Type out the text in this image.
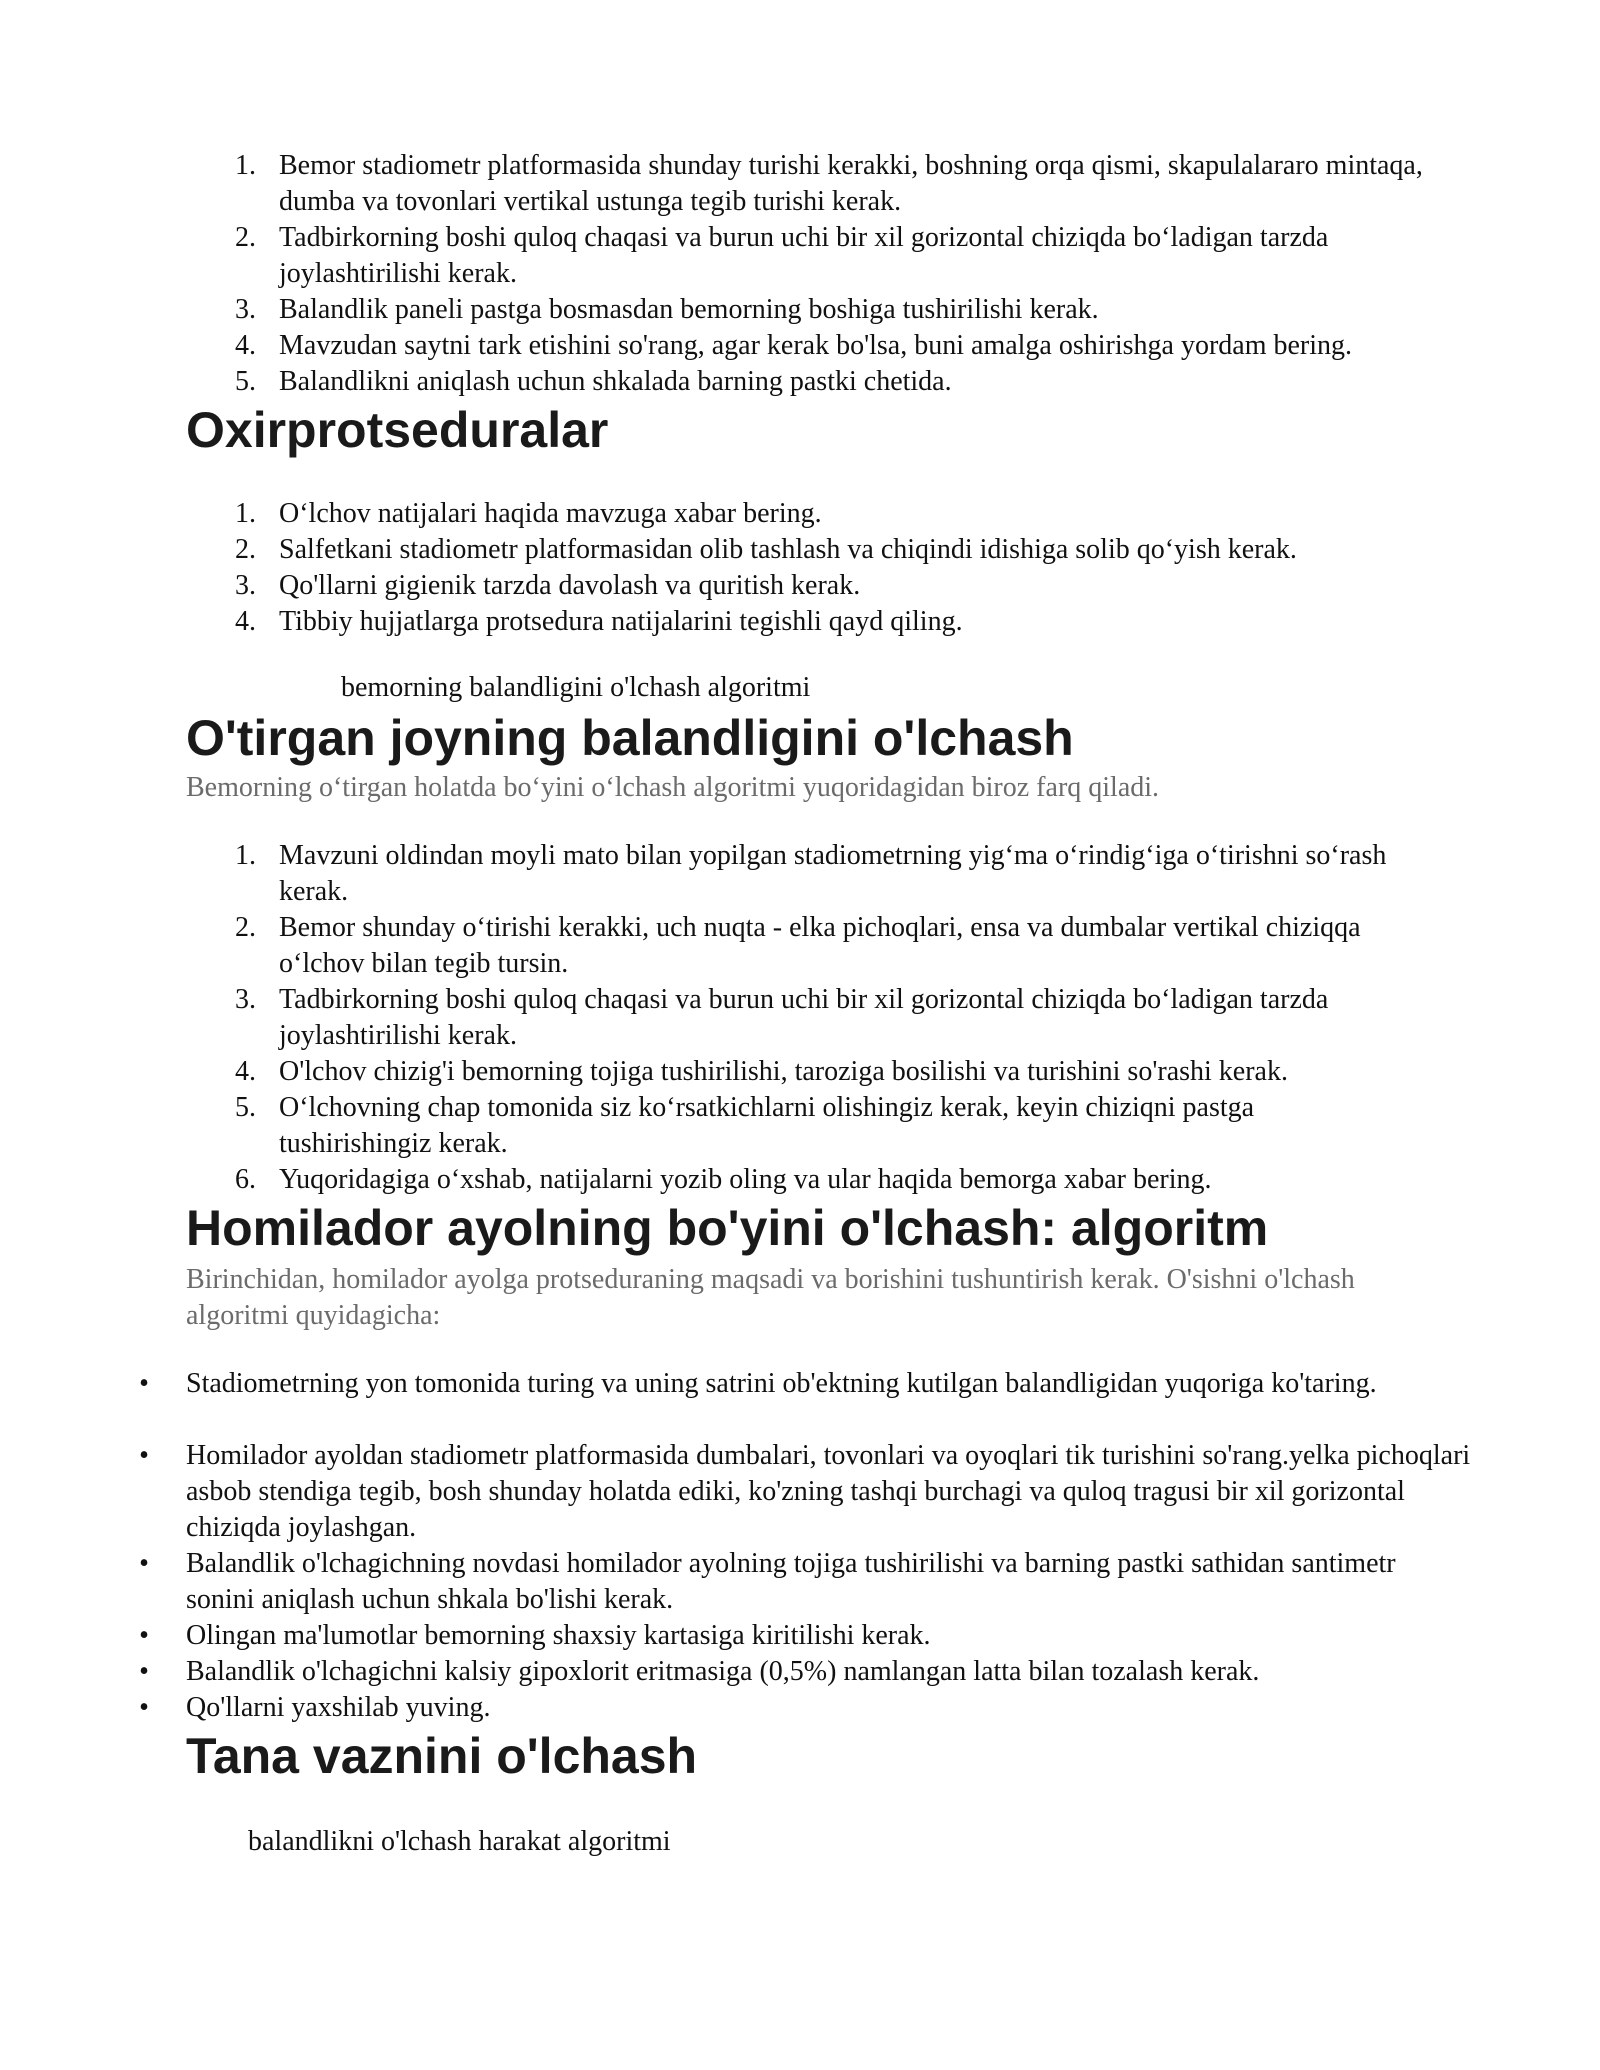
1. Bemor stadiometr platformasida shunday turishi kerakki, boshning orqa qismi, skapulalararo mintaqa, dumba va tovonlari vertikal ustunga tegib turishi kerak.
2. Tadbirkorning boshi quloq chaqasi va burun uchi bir xil gorizontal chiziqda boʻladigan tarzda joylashtirilishi kerak.
3. Balandlik paneli pastga bosmasdan bemorning boshiga tushirilishi kerak.
4. Mavzudan saytni tark etishini so'rang, agar kerak bo'lsa, buni amalga oshirishga yordam bering.
5. Balandlikni aniqlash uchun shkalada barning pastki chetida.
Oxirprotseduralar
1. Oʻlchov natijalari haqida mavzuga xabar bering.
2. Salfetkani stadiometr platformasidan olib tashlash va chiqindi idishiga solib qoʻyish kerak.
3. Qo'llarni gigienik tarzda davolash va quritish kerak.
4. Tibbiy hujjatlarga protsedura natijalarini tegishli qayd qiling.
bemorning balandligini o'lchash algoritmi
O'tirgan joyning balandligini o'lchash

Bemorning oʻtirgan holatda boʻyini oʻlchash algoritmi yuqoridagidan biroz farq qiladi.

1. Mavzuni oldindan moyli mato bilan yopilgan stadiometrning yigʻma oʻrindigʻiga oʻtirishni soʻrash kerak.
2. Bemor shunday oʻtirishi kerakki, uch nuqta - elka pichoqlari, ensa va dumbalar vertikal chiziqqa oʻlchov bilan tegib tursin.
3. Tadbirkorning boshi quloq chaqasi va burun uchi bir xil gorizontal chiziqda boʻladigan tarzda joylashtirilishi kerak.
4. O'lchov chizig'i bemorning tojiga tushirilishi, taroziga bosilishi va turishini so'rashi kerak.
5. Oʻlchovning chap tomonida siz koʻrsatkichlarni olishingiz kerak, keyin chiziqni pastga tushirishingiz kerak.
6. Yuqoridagiga oʻxshab, natijalarni yozib oling va ular haqida bemorga xabar bering.
Homilador ayolning bo'yini o'lchash: algoritm

Birinchidan, homilador ayolga protseduraning maqsadi va borishini tushuntirish kerak. O'sishni o'lchash algoritmi quyidagicha:

• Stadiometrning yon tomonida turing va uning satrini ob'ektning kutilgan balandligidan yuqoriga ko'taring.
• Homilador ayoldan stadiometr platformasida dumbalari, tovonlari va oyoqlari tik turishini so'rang.yelka pichoqlari asbob stendiga tegib, bosh shunday holatda ediki, ko'zning tashqi burchagi va quloq tragusi bir xil gorizontal chiziqda joylashgan.
• Balandlik o'lchagichning novdasi homilador ayolning tojiga tushirilishi va barning pastki sathidan santimetr sonini aniqlash uchun shkala bo'lishi kerak.
• Olingan ma'lumotlar bemorning shaxsiy kartasiga kiritilishi kerak.
• Balandlik o'lchagichni kalsiy gipoxlorit eritmasiga (0,5%) namlangan latta bilan tozalash kerak.
• Qo'llarni yaxshilab yuving.
Tana vaznini o'lchash
balandlikni o'lchash harakat algoritmi
